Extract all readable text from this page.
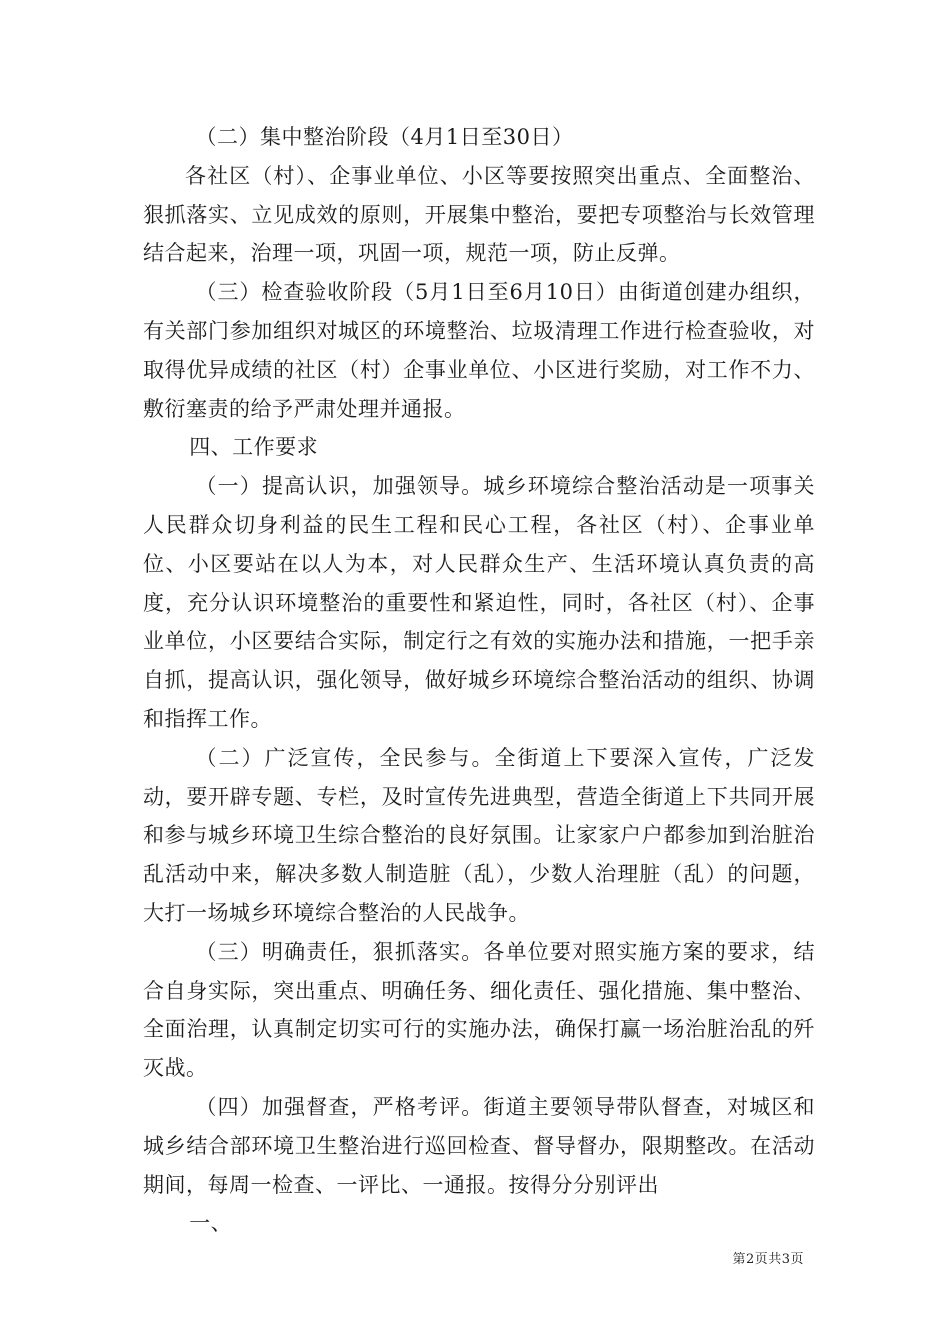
（二）集中整治阶段（4月1日至30日）

各社区（村）、企事业单位、小区等要按照突出重点、全面整治、狠抓落实、立见成效的原则，开展集中整治，要把专项整治与长效管理结合起来，治理一项，巩固一项，规范一项，防止反弹。

（三）检查验收阶段（5月1日至6月10日）由街道创建办组织，有关部门参加组织对城区的环境整治、垃圾清理工作进行检查验收，对取得优异成绩的社区（村）企事业单位、小区进行奖励，对工作不力、敷衍塞责的给予严肃处理并通报。

四、工作要求

（一）提高认识，加强领导。城乡环境综合整治活动是一项事关人民群众切身利益的民生工程和民心工程，各社区（村）、企事业单位、小区要站在以人为本，对人民群众生产、生活环境认真负责的高度，充分认识环境整治的重要性和紧迫性，同时，各社区（村）、企事业单位，小区要结合实际，制定行之有效的实施办法和措施，一把手亲自抓，提高认识，强化领导，做好城乡环境综合整治活动的组织、协调和指挥工作。

（二）广泛宣传，全民参与。全街道上下要深入宣传，广泛发动，要开辟专题、专栏，及时宣传先进典型，营造全街道上下共同开展和参与城乡环境卫生综合整治的良好氛围。让家家户户都参加到治脏治乱活动中来，解决多数人制造脏（乱），少数人治理脏（乱）的问题，大打一场城乡环境综合整治的人民战争。

（三）明确责任，狠抓落实。各单位要对照实施方案的要求，结合自身实际，突出重点、明确任务、细化责任、强化措施、集中整治、全面治理，认真制定切实可行的实施办法，确保打赢一场治脏治乱的歼灭战。

（四）加强督查，严格考评。街道主要领导带队督查，对城区和城乡结合部环境卫生整治进行巡回检查、督导督办，限期整改。在活动期间，每周一检查、一评比、一通报。按得分分别评出

一、

第2页共3页
